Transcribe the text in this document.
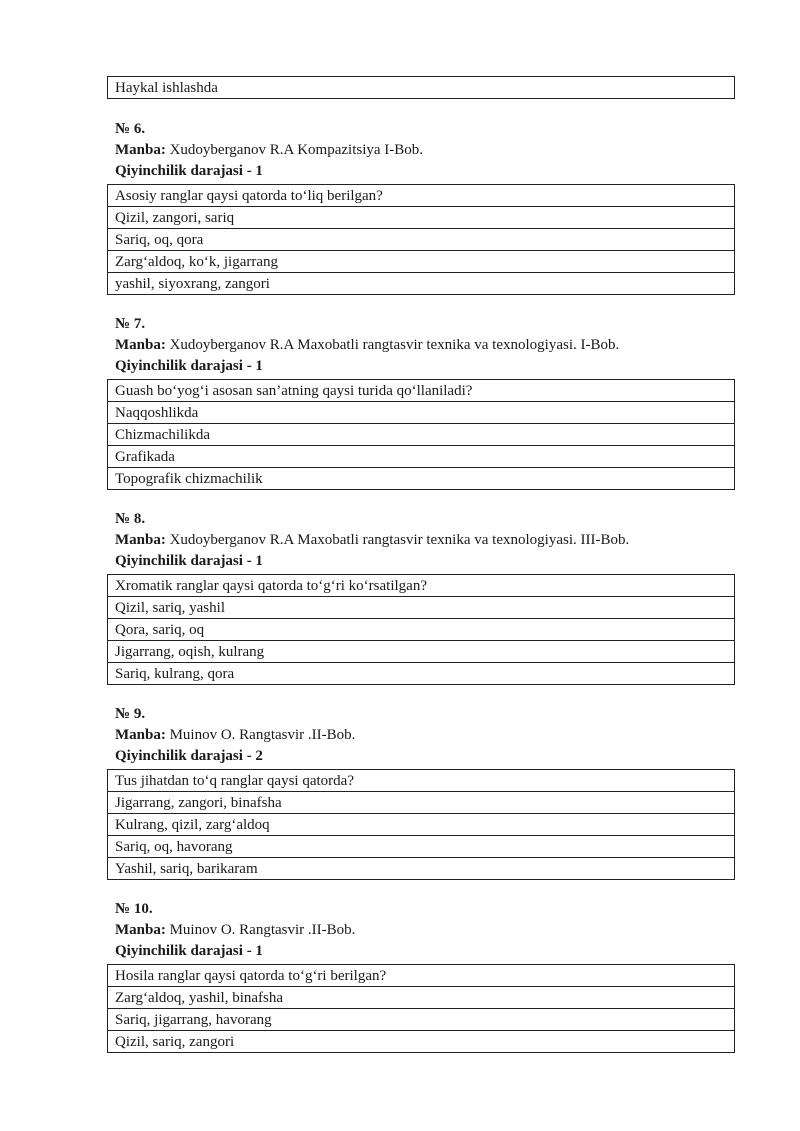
Haykal ishlashda
№ 6.
Manba: Xudoyberganov R.A Kompazitsiya I-Bob.
Qiyinchilik darajasi - 1
Asosiy ranglar qaysi qatorda to‘liq berilgan?
Qizil, zangori, sariq
Sariq, oq, qora
Zarg‘aldoq, ko‘k, jigarrang
yashil, siyoxrang, zangori
№ 7.
Manba: Xudoyberganov R.A Maxobatli rangtasvir texnika va texnologiyasi. I-Bob.
Qiyinchilik darajasi - 1
Guash bo‘yog‘i asosan san’atning qaysi turida qo‘llaniladi?
Naqqoshlikda
Chizmachilikda
Grafikada
Topografik chizmachilik
№ 8.
Manba: Xudoyberganov R.A Maxobatli rangtasvir texnika va texnologiyasi. III-Bob.
Qiyinchilik darajasi - 1
Xromatik ranglar qaysi qatorda to‘g‘ri ko‘rsatilgan?
Qizil, sariq, yashil
Qora, sariq, oq
Jigarrang, oqish, kulrang
Sariq, kulrang, qora
№ 9.
Manba: Muinov O. Rangtasvir .II-Bob.
Qiyinchilik darajasi - 2
Tus jihatdan to‘q ranglar qaysi qatorda?
Jigarrang, zangori, binafsha
Kulrang, qizil, zarg‘aldoq
Sariq, oq, havorang
Yashil, sariq, barikaram
№ 10.
Manba: Muinov O. Rangtasvir .II-Bob.
Qiyinchilik darajasi - 1
Hosila ranglar qaysi qatorda to‘g‘ri berilgan?
Zarg‘aldoq, yashil, binafsha
Sariq, jigarrang, havorang
Qizil, sariq, zangori
